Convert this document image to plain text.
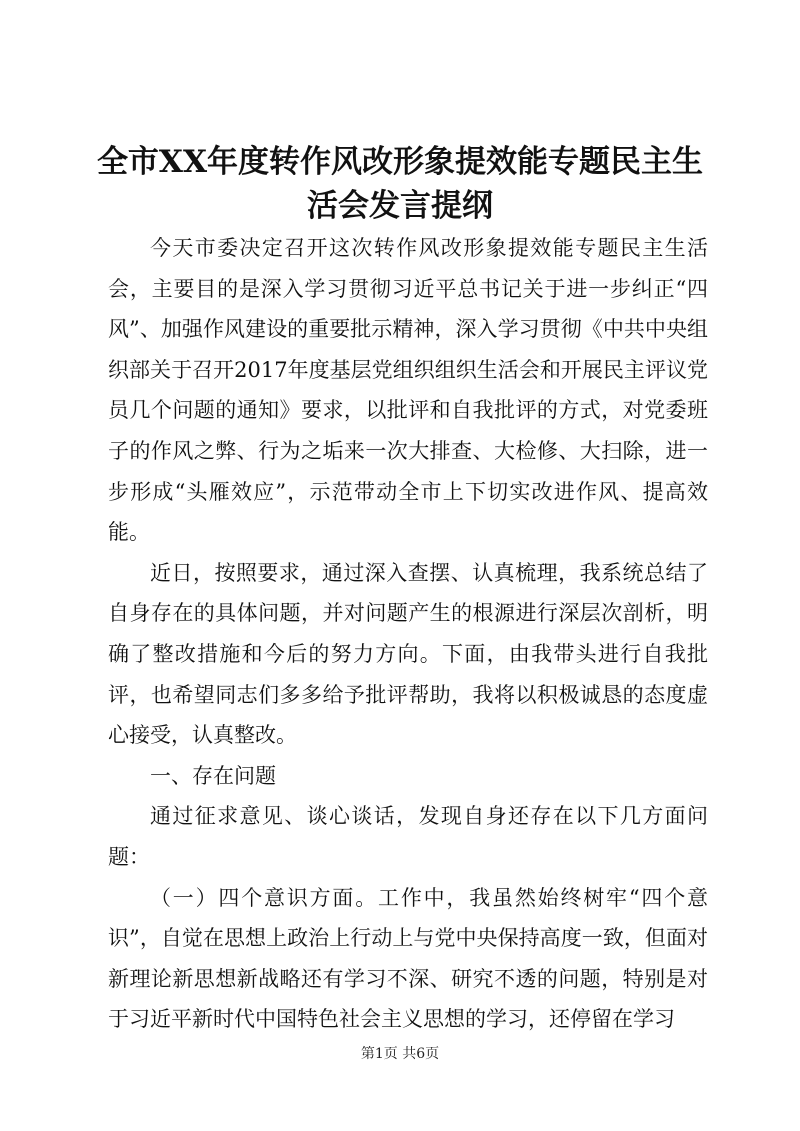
全市XX年度转作风改形象提效能专题民主生
活会发言提纲

今天市委决定召开这次转作风改形象提效能专题民主生活会，主要目的是深入学习贯彻习近平总书记关于进一步纠正“四风”、加强作风建设的重要批示精神，深入学习贯彻《中共中央组织部关于召开2017年度基层党组织组织生活会和开展民主评议党员几个问题的通知》要求，以批评和自我批评的方式，对党委班子的作风之弊、行为之垢来一次大排查、大检修、大扫除，进一步形成“头雁效应”，示范带动全市上下切实改进作风、提高效能。

近日，按照要求，通过深入查摆、认真梳理，我系统总结了自身存在的具体问题，并对问题产生的根源进行深层次剖析，明确了整改措施和今后的努力方向。下面，由我带头进行自我批评，也希望同志们多多给予批评帮助，我将以积极诚恳的态度虚心接受，认真整改。

一、存在问题

通过征求意见、谈心谈话，发现自身还存在以下几方面问题：

（一）四个意识方面。工作中，我虽然始终树牢“四个意识”，自觉在思想上政治上行动上与党中央保持高度一致，但面对新理论新思想新战略还有学习不深、研究不透的问题，特别是对于习近平新时代中国特色社会主义思想的学习，还停留在学习

第1页 共6页
